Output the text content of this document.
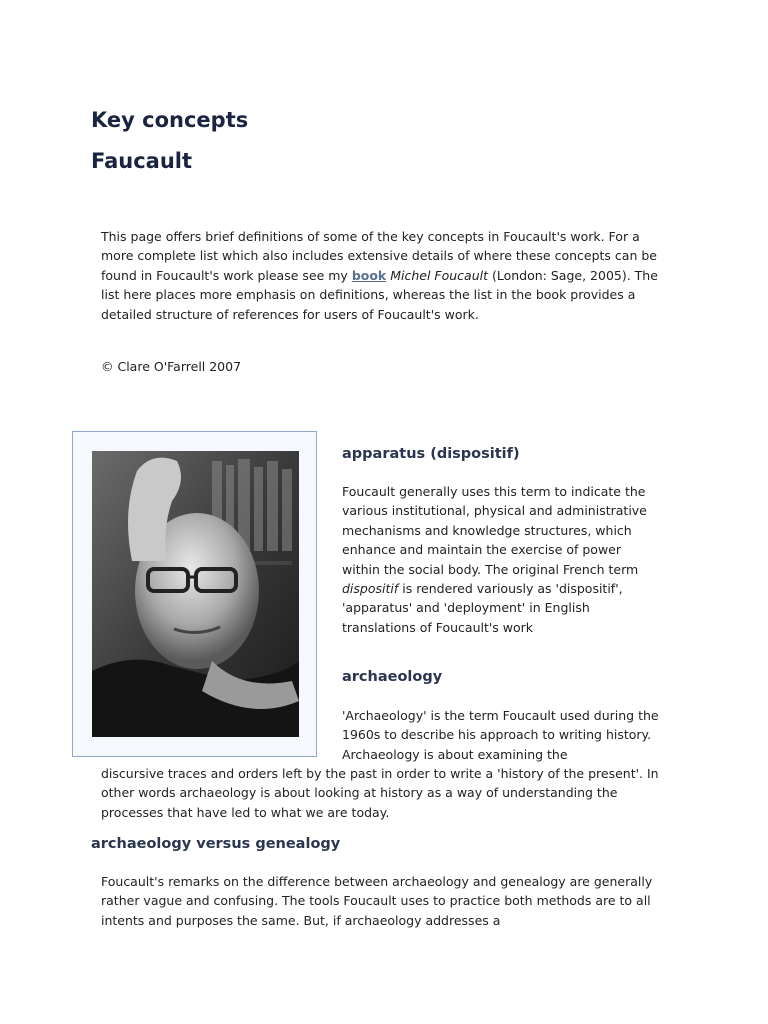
Key concepts
Faucault

This page offers brief definitions of some of the key concepts in Foucault's work. For a more complete list which also includes extensive details of where these concepts can be found in Foucault's work please see my book Michel Foucault (London: Sage, 2005). The list here places more emphasis on definitions, whereas the list in the book provides a detailed structure of references for users of Foucault's work.

© Clare O'Farrell 2007

apparatus (dispositif)

Foucault generally uses this term to indicate the various institutional, physical and administrative mechanisms and knowledge structures, which enhance and maintain the exercise of power within the social body. The original French term dispositif is rendered variously as 'dispositif', 'apparatus' and 'deployment' in English translations of Foucault's work

archaeology

'Archaeology' is the term Foucault used during the 1960s to describe his approach to writing history. Archaeology is about examining the

discursive traces and orders left by the past in order to write a 'history of the present'. In other words archaeology is about looking at history as a way of understanding the processes that have led to what we are today.

archaeology versus genealogy

Foucault's remarks on the difference between archaeology and genealogy are generally rather vague and confusing. The tools Foucault uses to practice both methods are to all intents and purposes the same. But, if archaeology addresses a
